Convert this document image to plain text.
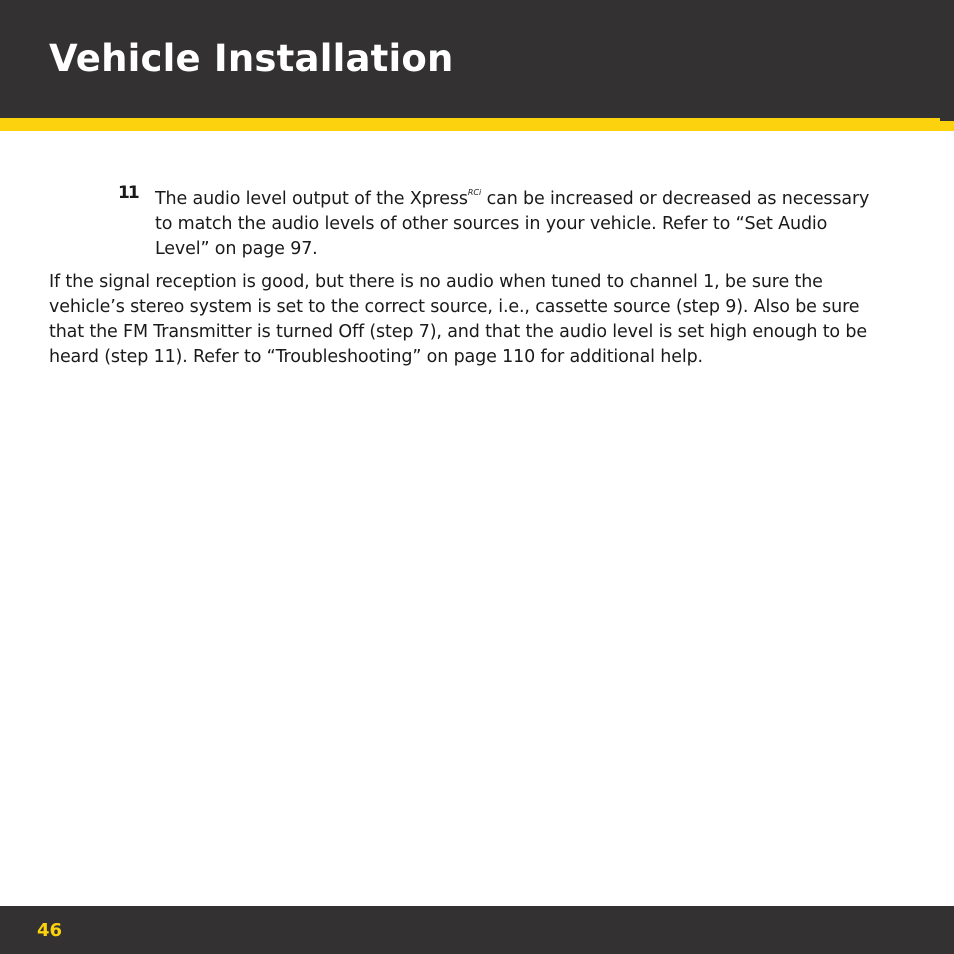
Vehicle Installation
11 The audio level output of the Xpress$^{RCi}$ can be increased or decreased as necessary to match the audio levels of other sources in your vehicle. Refer to “Set Audio Level” on page 97.

If the signal reception is good, but there is no audio when tuned to channel 1, be sure the vehicle’s stereo system is set to the correct source, i.e., cassette source (step 9). Also be sure that the FM Transmitter is turned Off (step 7), and that the audio level is set high enough to be heard (step 11). Refer to “Troubleshooting” on page 110 for additional help.

46
